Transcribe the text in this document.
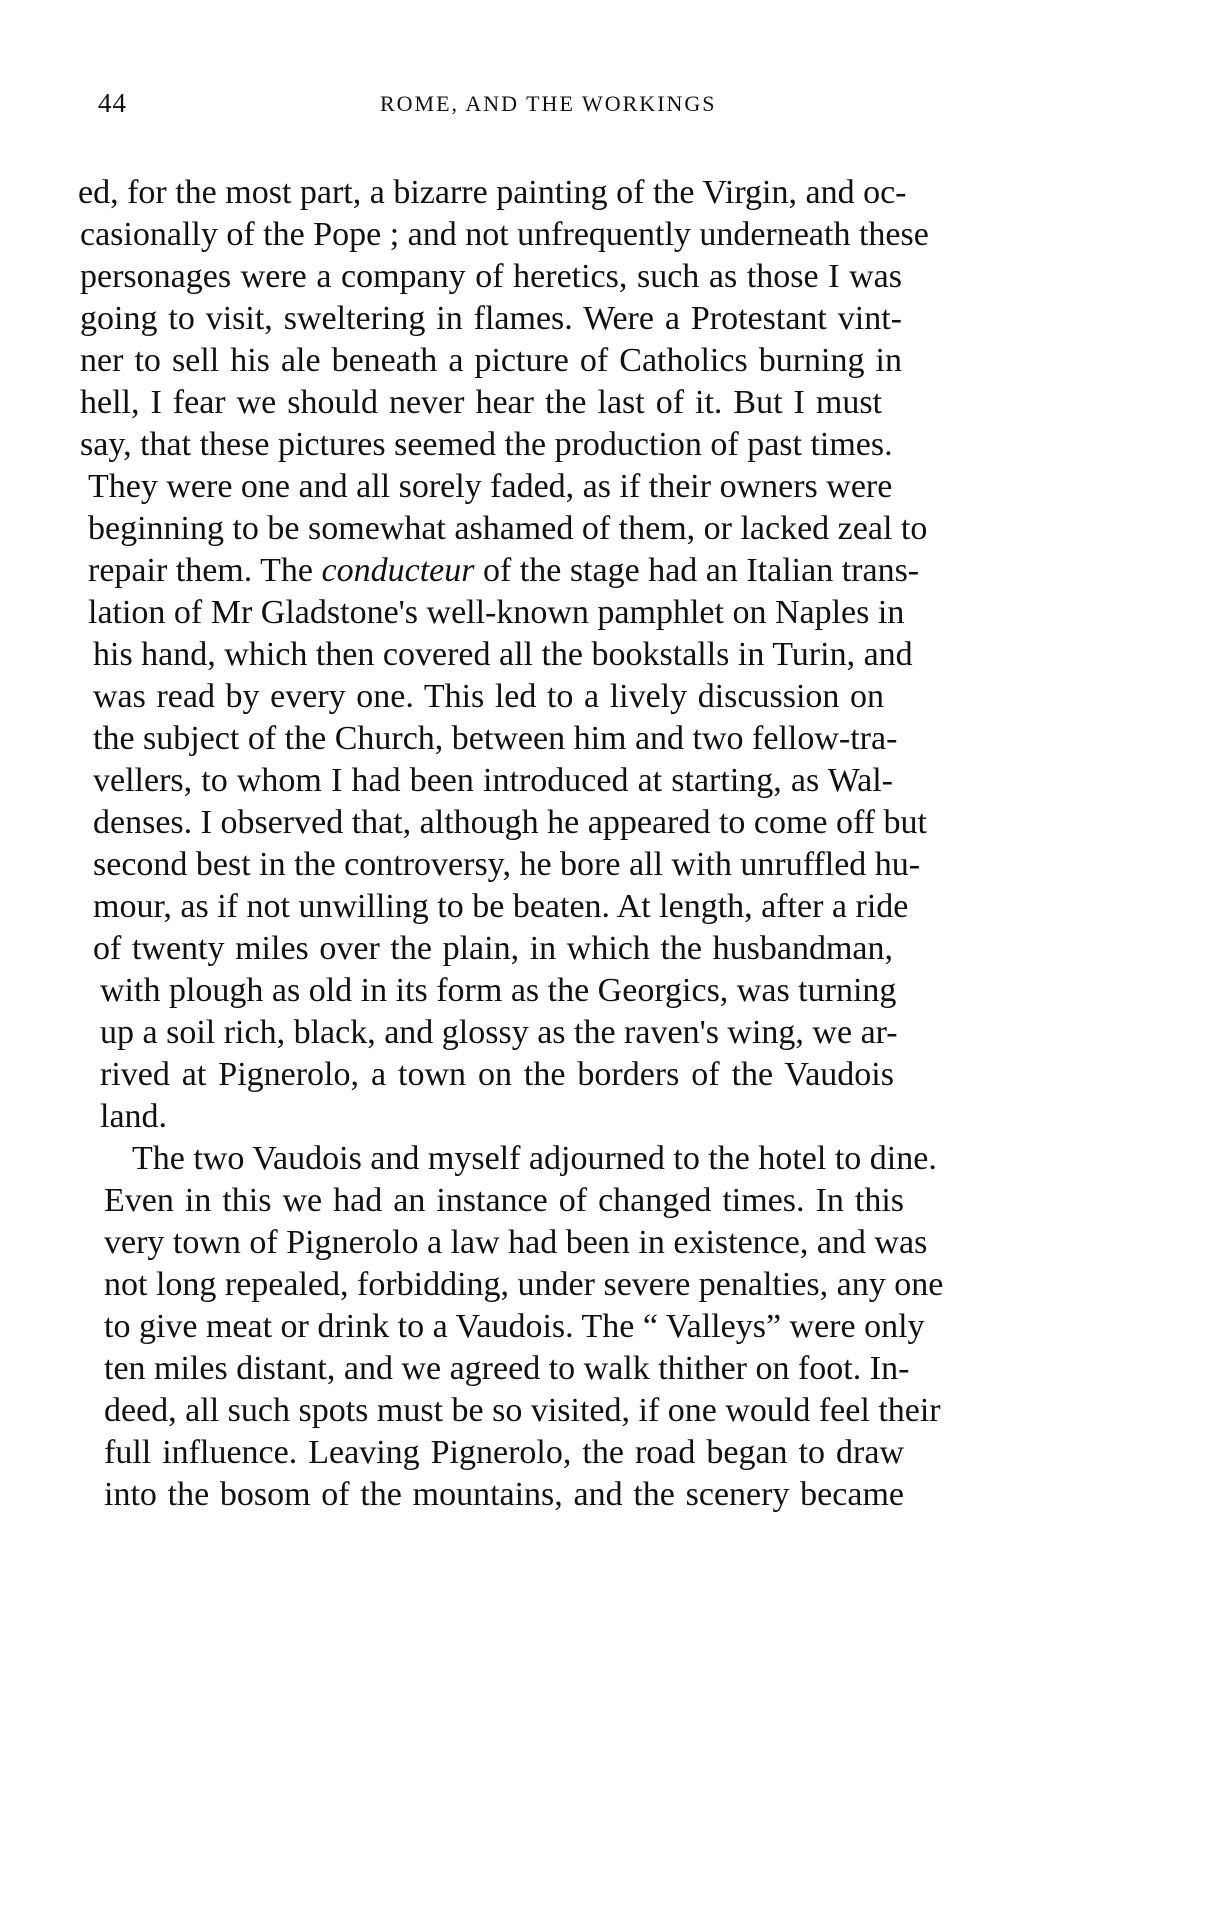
44	ROME, AND THE WORKINGS
ed, for the most part, a bizarre painting of the Virgin, and oc-
casionally of the Pope ; and not unfrequently underneath these
personages were a company of heretics, such as those I was
going to visit, sweltering in flames. Were a Protestant vint-
ner to sell his ale beneath a picture of Catholics burning in
hell, I fear we should never hear the last of it. But I must
say, that these pictures seemed the production of past times.
They were one and all sorely faded, as if their owners were
beginning to be somewhat ashamed of them, or lacked zeal to
repair them. The conducteur of the stage had an Italian trans-
lation of Mr Gladstone's well-known pamphlet on Naples in
his hand, which then covered all the bookstalls in Turin, and
was read by every one. This led to a lively discussion on
the subject of the Church, between him and two fellow-tra-
vellers, to whom I had been introduced at starting, as Wal-
denses. I observed that, although he appeared to come off but
second best in the controversy, he bore all with unruffled hu-
mour, as if not unwilling to be beaten. At length, after a ride
of twenty miles over the plain, in which the husbandman,
with plough as old in its form as the Georgics, was turning
up a soil rich, black, and glossy as the raven's wing, we ar-
rived at Pignerolo, a town on the borders of the Vaudois
land.
The two Vaudois and myself adjourned to the hotel to dine.
Even in this we had an instance of changed times. In this
very town of Pignerolo a law had been in existence, and was
not long repealed, forbidding, under severe penalties, any one
to give meat or drink to a Vaudois. The “ Valleys” were only
ten miles distant, and we agreed to walk thither on foot. In-
deed, all such spots must be so visited, if one would feel their
full influence. Leaving Pignerolo, the road began to draw
into the bosom of the mountains, and the scenery became
